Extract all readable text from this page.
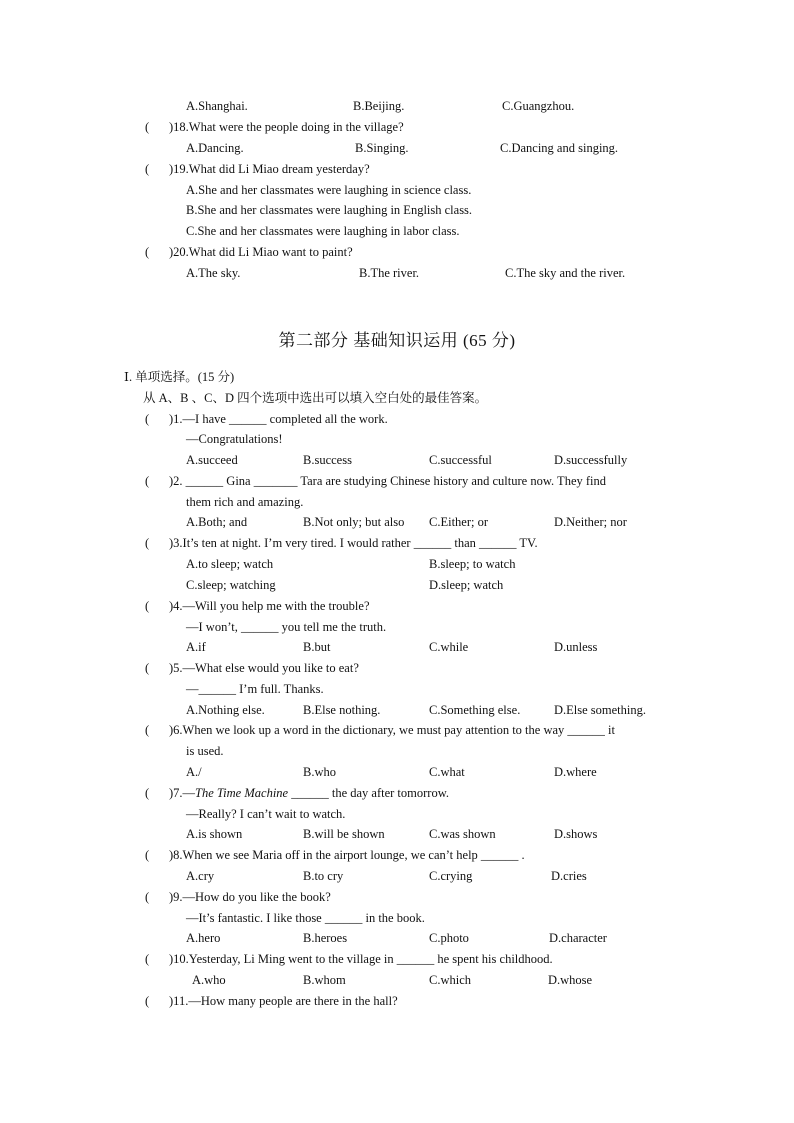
A.Shanghai.	B.Beijing.	C.Guangzhou.
( )18.What were the people doing in the village?
A.Dancing.	B.Singing.	C.Dancing and singing.
( )19.What did Li Miao dream yesterday?
A.She and her classmates were laughing in science class.
B.She and her classmates were laughing in English class.
C.She and her classmates were laughing in labor class.
( )20.What did Li Miao want to paint?
A.The sky.	B.The river.	C.The sky and the river.
第二部分 基础知识运用 (65 分)
Ⅰ. 单项选择。(15 分)
从 A、B 、C、D 四个选项中选出可以填入空白处的最佳答案。
( )1.—I have ______ completed all the work.
—Congratulations!
A.succeed	B.success	C.successful	D.successfully
( )2. ______ Gina _______ Tara are studying Chinese history and culture now. They find
them rich and amazing.
A.Both; and	B.Not only; but also C.Either; or	D.Neither; nor
( )3.It’s ten at night. I’m very tired. I would rather ______ than ______ TV.
A.to sleep; watch	B.sleep; to watch
C.sleep; watching	D.sleep; watch
( )4.—Will you help me with the trouble?
—I won’t, ______ you tell me the truth.
A.if	B.but	C.while	D.unless
( )5.—What else would you like to eat?
—______ I’m full. Thanks.
A.Nothing else.	B.Else nothing.	C.Something else.	D.Else something.
( )6.When we look up a word in the dictionary, we must pay attention to the way ______ it
is used.
A./	B.who	C.what	D.where
( )7.—The Time Machine ______ the day after tomorrow.
—Really? I can’t wait to watch.
A.is shown	B.will be shown	C.was shown	D.shows
( )8.When we see Maria off in the airport lounge, we can’t help ______ .
A.cry	B.to cry	C.crying	D.cries
( )9.—How do you like the book?
—It’s fantastic. I like those ______ in the book.
A.hero	B.heroes	C.photo	D.character
( )10.Yesterday, Li Ming went to the village in ______ he spent his childhood.
A.who	B.whom	C.which	D.whose
( )11.—How many people are there in the hall?
